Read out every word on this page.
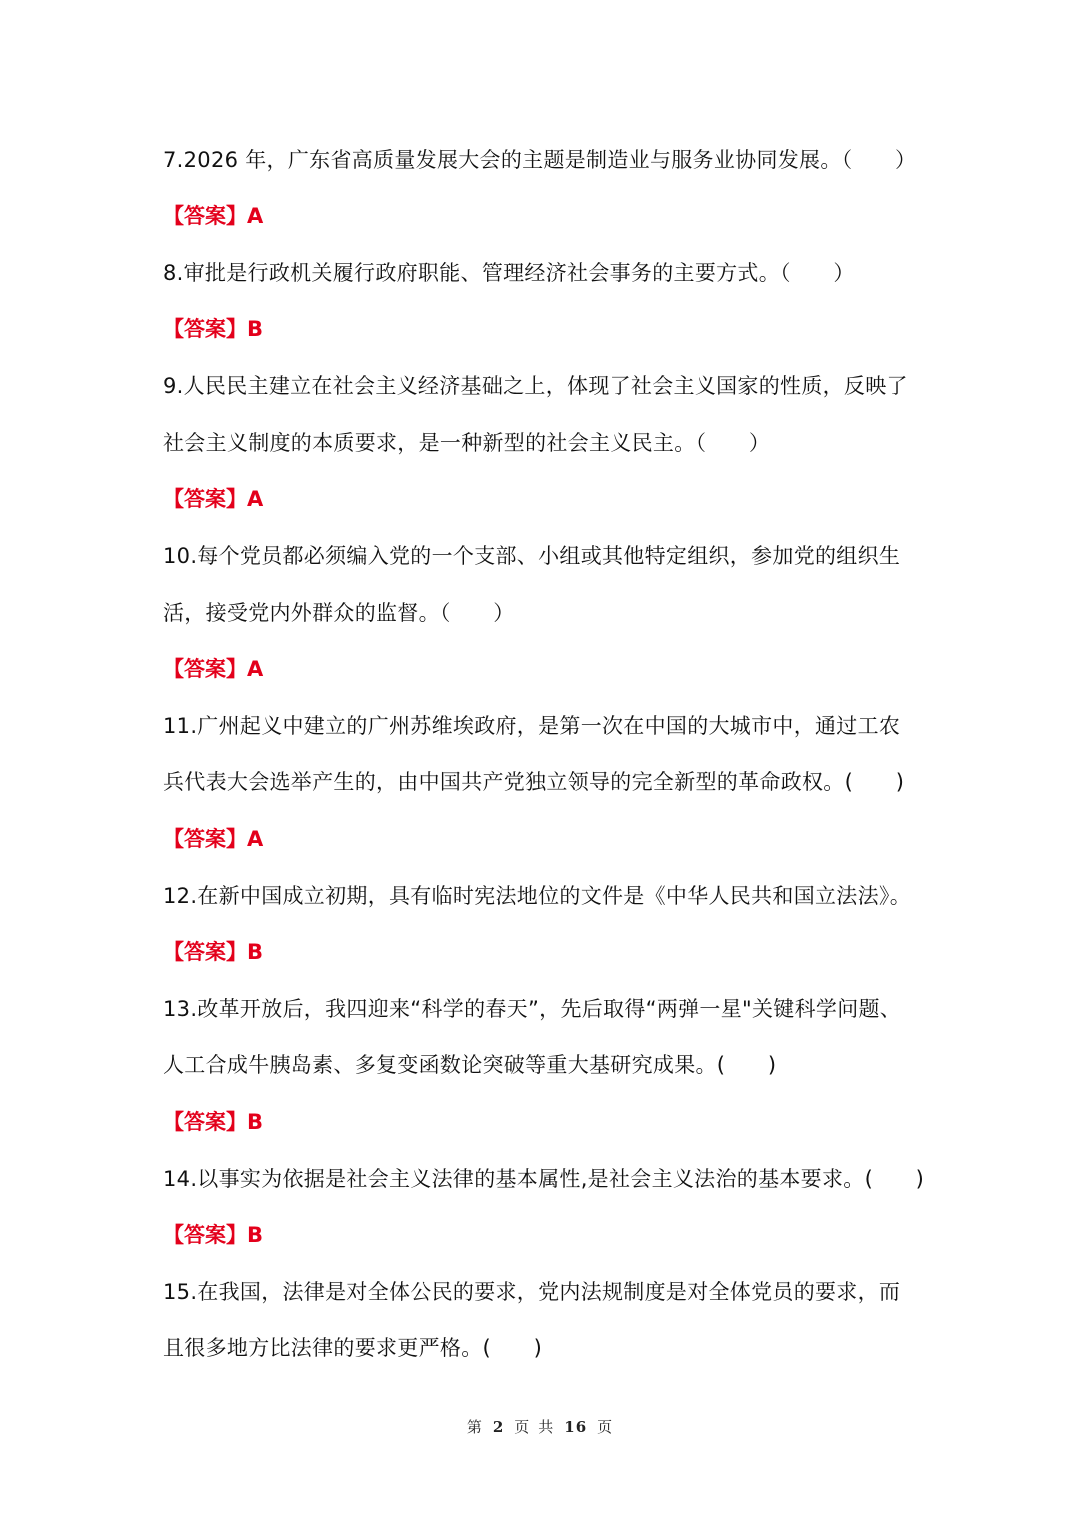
7.2026 年，广东省高质量发展大会的主题是制造业与服务业协同发展。（　　）
【答案】A
8.审批是行政机关履行政府职能、管理经济社会事务的主要方式。（　　）
【答案】B
9.人民民主建立在社会主义经济基础之上，体现了社会主义国家的性质，反映了
社会主义制度的本质要求，是一种新型的社会主义民主。（　　）
【答案】A
10.每个党员都必须编入党的一个支部、小组或其他特定组织，参加党的组织生
活，接受党内外群众的监督。（　　）
【答案】A
11.广州起义中建立的广州苏维埃政府，是第一次在中国的大城市中，通过工农
兵代表大会选举产生的，由中国共产党独立领导的完全新型的革命政权。(　　)
【答案】A
12.在新中国成立初期，具有临时宪法地位的文件是《中华人民共和国立法法》。
【答案】B
13.改革开放后，我四迎来“科学的春天”，先后取得“两弹一星"关键科学问题、
人工合成牛胰岛素、多复变函数论突破等重大基研究成果。(　　)
【答案】B
14.以事实为依据是社会主义法律的基本属性,是社会主义法治的基本要求。(　　)
【答案】B
15.在我国，法律是对全体公民的要求，党内法规制度是对全体党员的要求，而
且很多地方比法律的要求更严格。(　　)
第 2 页 共 16 页
